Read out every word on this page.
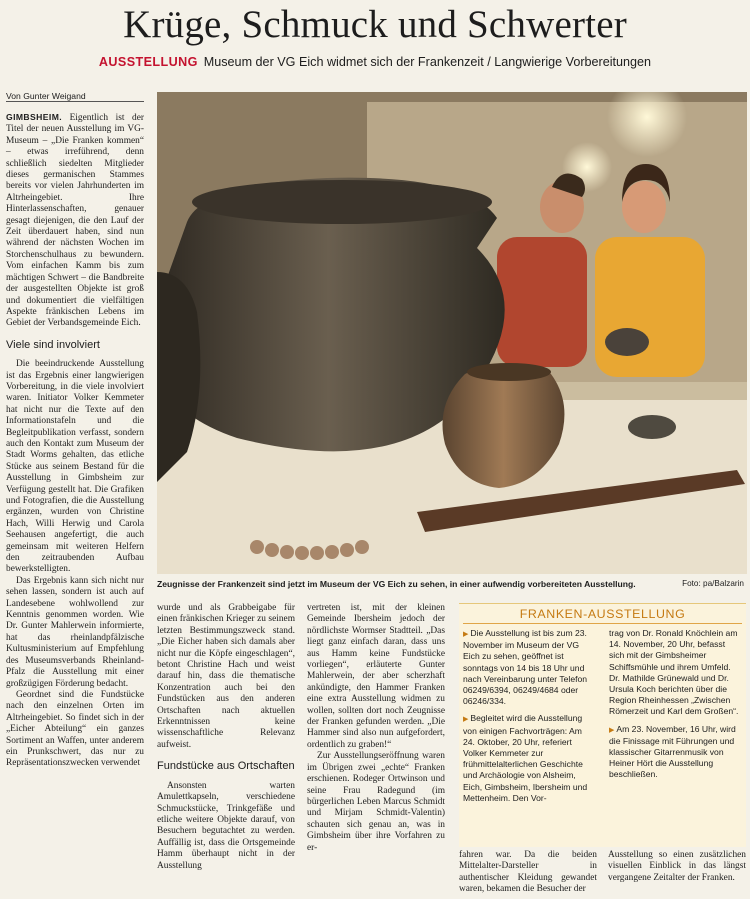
Krüge, Schmuck und Schwerter
AUSSTELLUNG Museum der VG Eich widmet sich der Frankenzeit / Langwierige Vorbereitungen
Von Gunter Weigand

GIMBSHEIM. Eigentlich ist der Titel der neuen Ausstellung im VG-Museum – „Die Franken kommen“ – etwas irreführend, denn schließlich siedelten Mitglieder dieses germanischen Stammes bereits vor vielen Jahrhunderten im Altrheingebiet. Ihre Hinterlassenschaften, genauer gesagt diejenigen, die den Lauf der Zeit überdauert haben, sind nun während der nächsten Wochen im Storchenschulhaus zu bewundern. Vom einfachen Kamm bis zum mächtigen Schwert – die Bandbreite der ausgestellten Objekte ist groß und dokumentiert die vielfältigen Aspekte fränkischen Lebens im Gebiet der Verbandsgemeinde Eich.

Viele sind involviert

Die beeindruckende Ausstellung ist das Ergebnis einer langwierigen Vorbereitung, in die viele involviert waren. Initiator Volker Kemmeter hat nicht nur die Texte auf den Informationstafeln und die Begleitpublikation verfasst, sondern auch den Kontakt zum Museum der Stadt Worms gehalten, das etliche Stücke aus seinem Bestand für die Ausstellung in Gimbsheim zur Verfügung gestellt hat. Die Grafiken und Fotografien, die die Ausstellung ergänzen, wurden von Christine Hach, Willi Herwig und Carola Seehausen angefertigt, die auch gemeinsam mit weiteren Helfern den zeitraubenden Aufbau bewerkstelligten.

Das Ergebnis kann sich nicht nur sehen lassen, sondern ist auch auf Landesebene wohlwollend zur Kenntnis genommen worden. Wie Dr. Gunter Mahlerwein informierte, hat das rheinlandpfälzische Kultusministerium auf Empfehlung des Museumsverbands Rheinland-Pfalz die Ausstellung mit einer großzügigen Förderung bedacht.

Geordnet sind die Fundstücke nach den einzelnen Orten im Altrheingebiet. So findet sich in der „Eicher Abteilung“ ein ganzes Sortiment an Waffen, unter anderem ein Prunkschwert, das nur zu Repräsentationszwecken verwendet

Zeugnisse der Frankenzeit sind jetzt im Museum der VG Eich zu sehen, in einer aufwendig vorbereiteten Ausstellung.	Foto: pa/Balzarin

wurde und als Grabbeigabe für einen fränkischen Krieger zu seinem letzten Bestimmungszweck stand. „Die Eicher haben sich damals aber nicht nur die Köpfe eingeschlagen“, betont Christine Hach und weist darauf hin, dass die thematische Konzentration auch bei den Fundstücken aus den anderen Ortschaften nach aktuellen Erkenntnissen keine wissenschaftliche Relevanz aufweist.

Fundstücke aus Ortschaften

Ansonsten warten Amulettkapseln, verschiedene Schmuckstücke, Trinkgefäße und etliche weitere Objekte darauf, von Besuchern begutachtet zu werden. Auffällig ist, dass die Ortsgemeinde Hamm überhaupt nicht in der Ausstellung

vertreten ist, mit der kleinen Gemeinde Ibersheim jedoch der nördlichste Wormser Stadtteil. „Das liegt ganz einfach daran, dass uns aus Hamm keine Fundstücke vorliegen“, erläuterte Gunter Mahlerwein, der aber scherzhaft ankündigte, den Hammer Franken eine extra Ausstellung widmen zu wollen, sollten dort noch Zeugnisse der Franken gefunden werden. „Die Hammer sind also nun aufgefordert, ordentlich zu graben!“

Zur Ausstellungseröffnung waren im Übrigen zwei „echte“ Franken erschienen. Rodeger Ortwinson und seine Frau Radegund (im bürgerlichen Leben Marcus Schmidt und Mirjam Schmidt-Valentin) schauten sich genau an, was in Gimbsheim über ihre Vorfahren zu er-

FRANKEN-AUSSTELLUNG

▶ Die Ausstellung ist bis zum 23. November im Museum der VG Eich zu sehen, geöffnet ist sonntags von 14 bis 18 Uhr und nach Vereinbarung unter Telefon 06249/6394, 06249/4684 oder 06246/334.

▶ Begleitet wird die Ausstellung von einigen Fachvorträgen: Am 24. Oktober, 20 Uhr, referiert Volker Kemmeter zur frühmittelalterlichen Geschichte und Archäologie von Alsheim, Eich, Gimbsheim, Ibersheim und Mettenheim. Den Vor-

trag von Dr. Ronald Knöchlein am 14. November, 20 Uhr, befasst sich mit der Gimbsheimer Schiffsmühle und ihrem Umfeld. Dr. Mathilde Grünewald und Dr. Ursula Koch berichten über die Region Rheinhessen „Zwischen Römerzeit und Karl dem Großen“.

▶ Am 23. November, 16 Uhr, wird die Finissage mit Führungen und klassischer Gitarrenmusik von Heiner Hört die Ausstellung beschließen.

fahren war. Da die beiden Mittelalter-Darsteller in authentischer Kleidung gewandet waren, bekamen die Besucher der

Ausstellung so einen zusätzlichen visuellen Einblick in das längst vergangene Zeitalter der Franken.
